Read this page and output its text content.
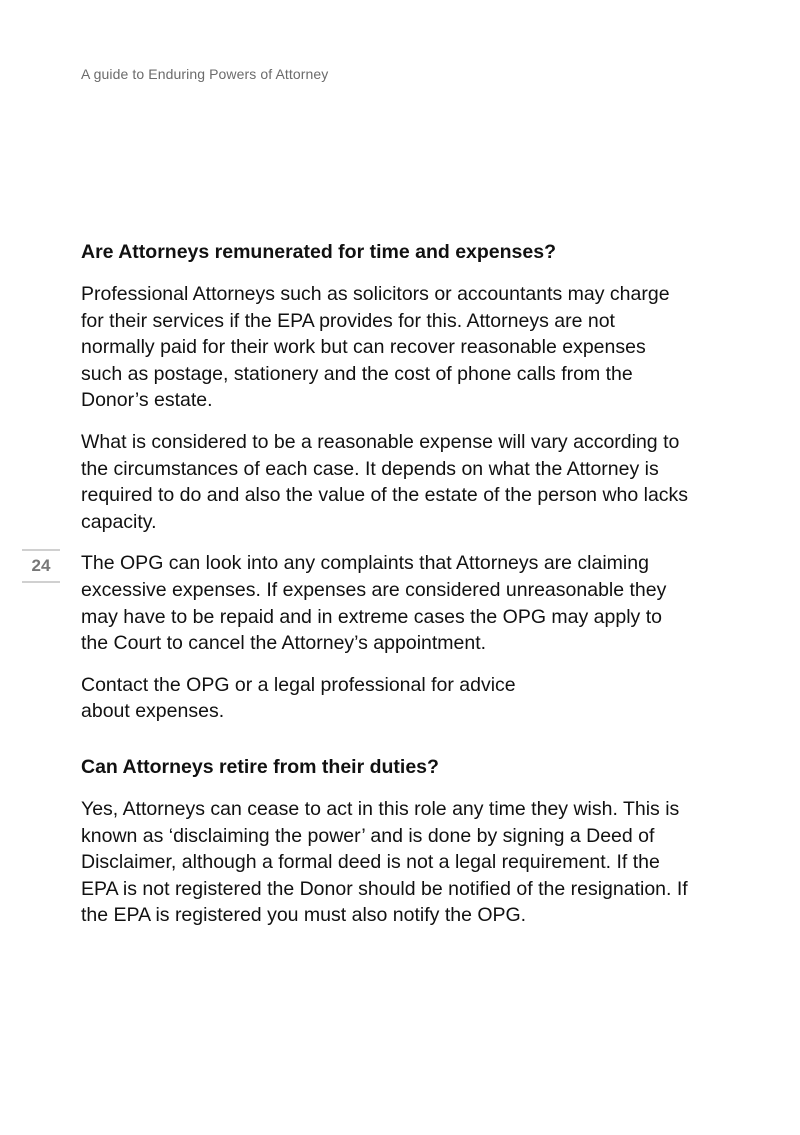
A guide to Enduring Powers of Attorney
24
Are Attorneys remunerated for time and expenses?

Professional Attorneys such as solicitors or accountants may charge for their services if the EPA provides for this. Attorneys are not normally paid for their work but can recover reasonable expenses such as postage, stationery and the cost of phone calls from the Donor’s estate.

What is considered to be a reasonable expense will vary according to the circumstances of each case. It depends on what the Attorney is required to do and also the value of the estate of the person who lacks capacity.

The OPG can look into any complaints that Attorneys are claiming excessive expenses. If expenses are considered unreasonable they may have to be repaid and in extreme cases the OPG may apply to the Court to cancel the Attorney’s appointment.

Contact the OPG or a legal professional for advice about expenses.

Can Attorneys retire from their duties?

Yes, Attorneys can cease to act in this role any time they wish. This is known as ‘disclaiming the power’ and is done by signing a Deed of Disclaimer, although a formal deed is not a legal requirement. If the EPA is not registered the Donor should be notified of the resignation. If the EPA is registered you must also notify the OPG.
